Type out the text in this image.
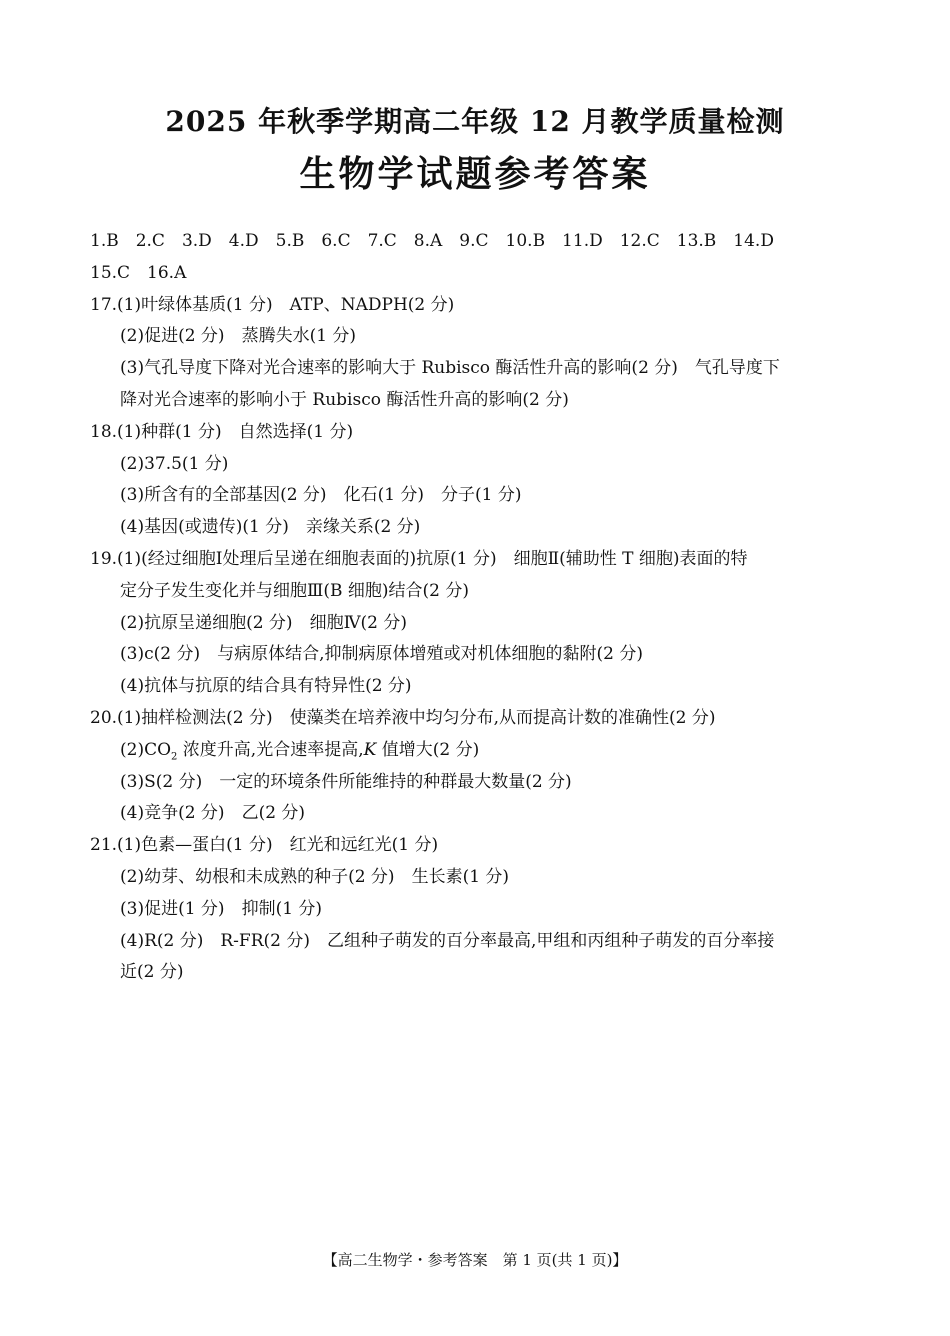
2025 年秋季学期高二年级 12 月教学质量检测
生物学试题参考答案
1.B　2.C　3.D　4.D　5.B　6.C　7.C　8.A　9.C　10.B　11.D　12.C　13.B　14.D
15.C　16.A
17.(1)叶绿体基质(1 分)　ATP、NADPH(2 分)
(2)促进(2 分)　蒸腾失水(1 分)
(3)气孔导度下降对光合速率的影响大于 Rubisco 酶活性升高的影响(2 分)　气孔导度下
降对光合速率的影响小于 Rubisco 酶活性升高的影响(2 分)
18.(1)种群(1 分)　自然选择(1 分)
(2)37.5(1 分)
(3)所含有的全部基因(2 分)　化石(1 分)　分子(1 分)
(4)基因(或遗传)(1 分)　亲缘关系(2 分)
19.(1)(经过细胞Ⅰ处理后呈递在细胞表面的)抗原(1 分)　细胞Ⅱ(辅助性 T 细胞)表面的特
定分子发生变化并与细胞Ⅲ(B 细胞)结合(2 分)
(2)抗原呈递细胞(2 分)　细胞Ⅳ(2 分)
(3)c(2 分)　与病原体结合,抑制病原体增殖或对机体细胞的黏附(2 分)
(4)抗体与抗原的结合具有特异性(2 分)
20.(1)抽样检测法(2 分)　使藻类在培养液中均匀分布,从而提高计数的准确性(2 分)
$(2)CO_2$ 浓度升高,光合速率提高,K 值增大(2 分)
(3)S(2 分)　一定的环境条件所能维持的种群最大数量(2 分)
(4)竞争(2 分)　乙(2 分)
21.(1)色素—蛋白(1 分)　红光和远红光(1 分)
(2)幼芽、幼根和未成熟的种子(2 分)　生长素(1 分)
(3)促进(1 分)　抑制(1 分)
(4)R(2 分)　R-FR(2 分)　乙组种子萌发的百分率最高,甲组和丙组种子萌发的百分率接
近(2 分)
【高二生物学・参考答案　第 1 页(共 1 页)】
